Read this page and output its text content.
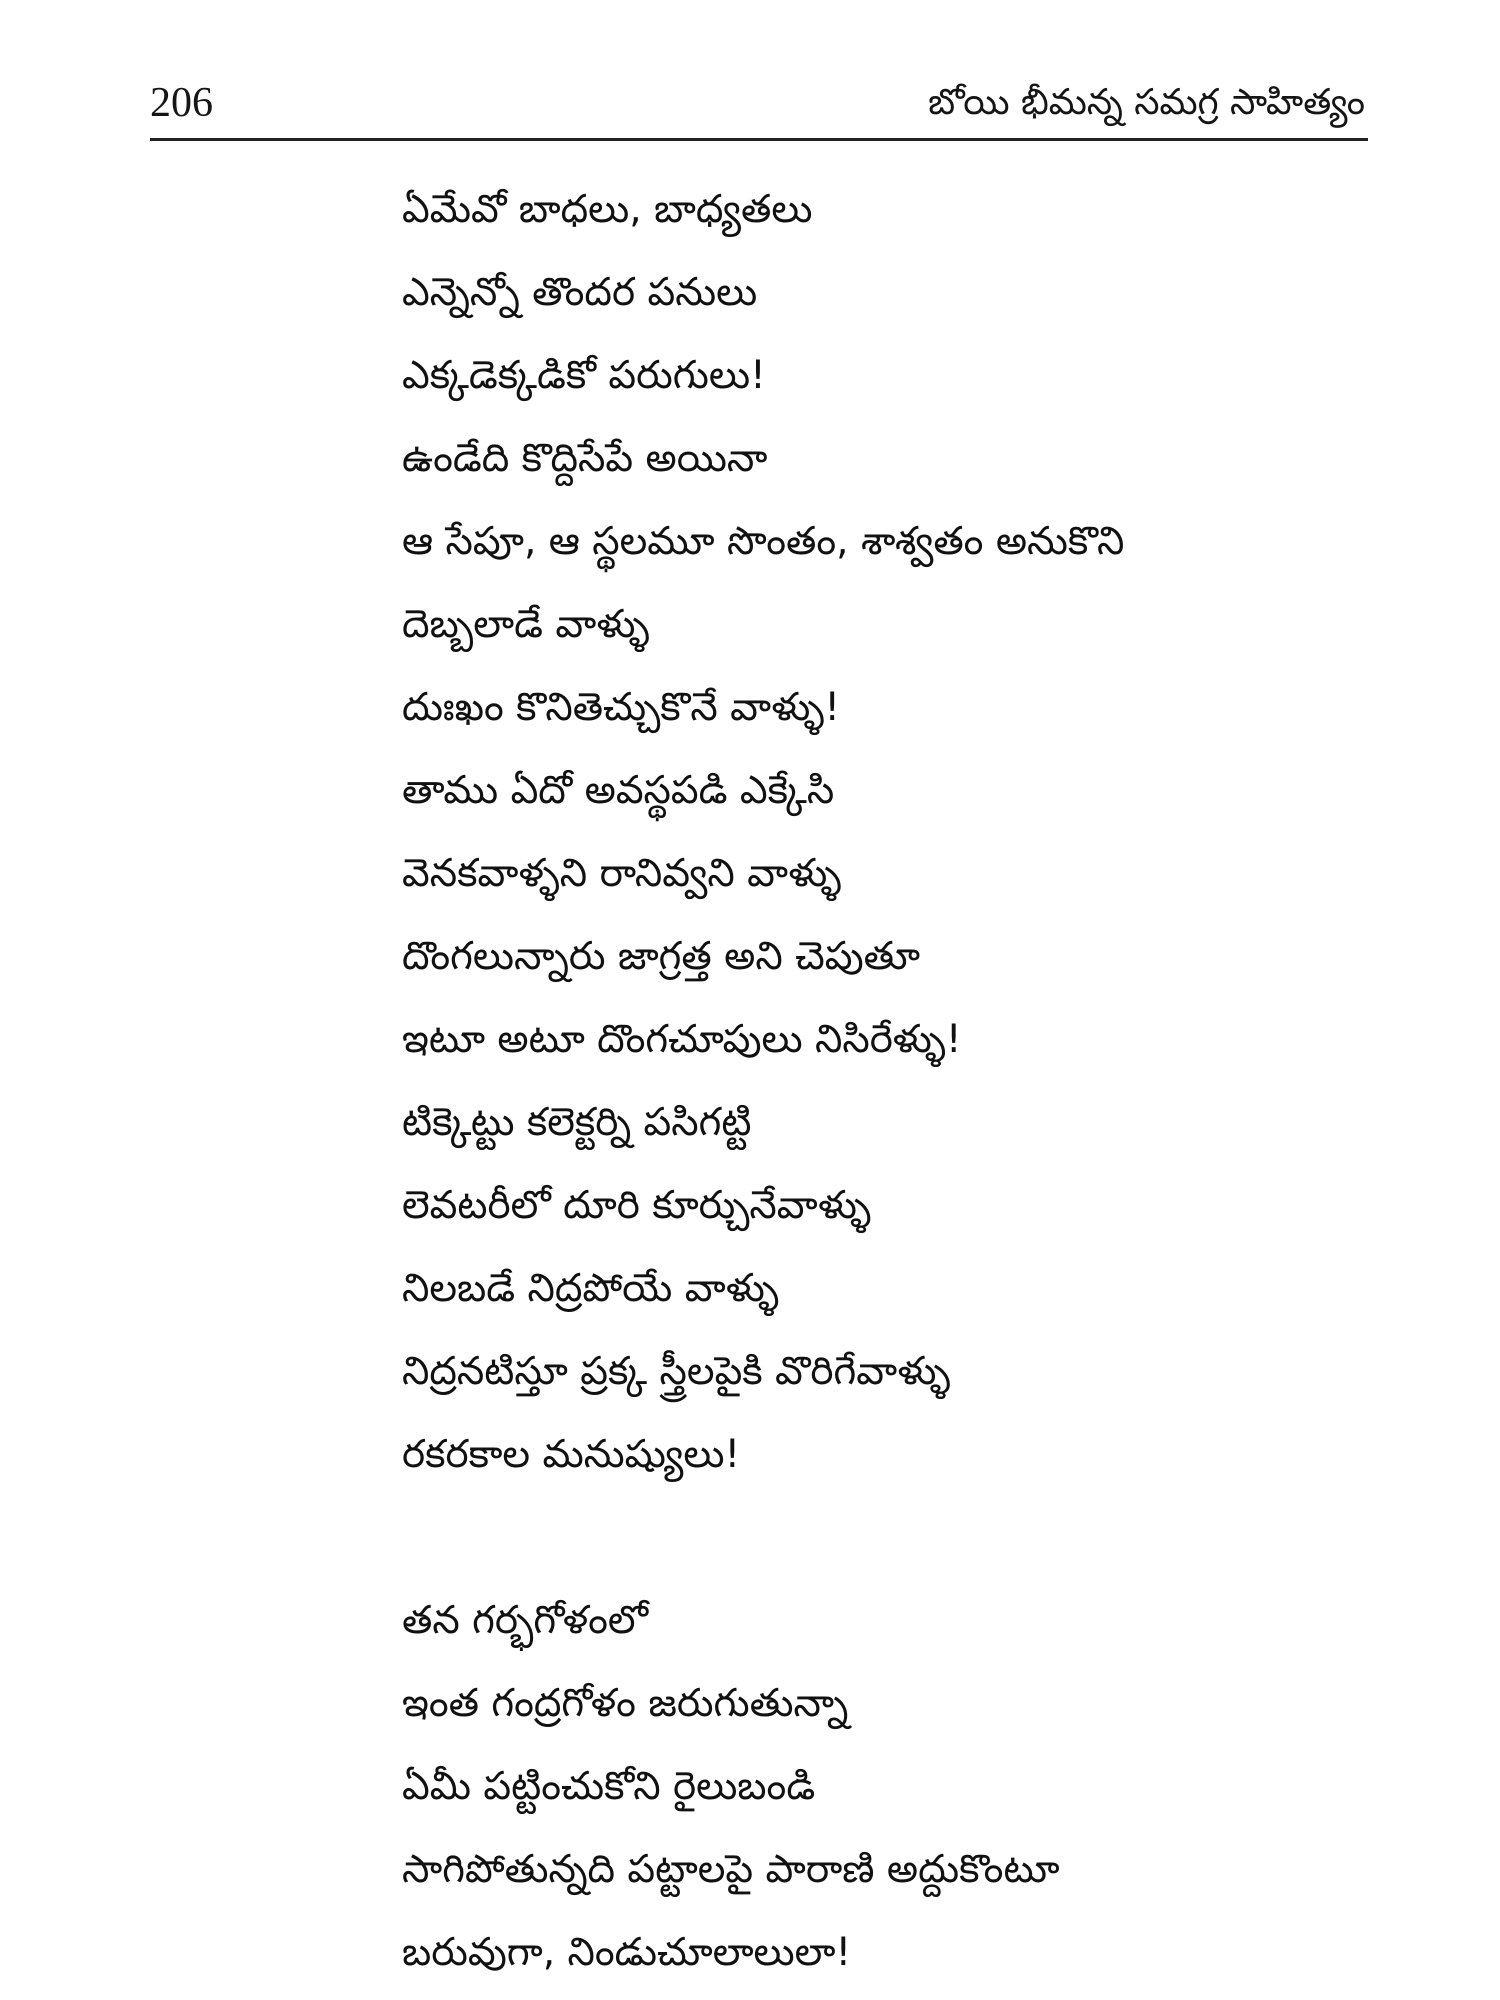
206	బోయి భీమన్న సమగ్ర సాహిత్యం
ఏమేవో బాధలు, బాధ్యతలు
ఎన్నెన్నో తొందర పనులు
ఎక్కడెక్కడికో పరుగులు!
ఉండేది కొద్దిసేపే అయినా
ఆ సేపూ, ఆ స్థలమూ సొంతం, శాశ్వతం అనుకొని
దెబ్బలాడే వాళ్ళు
దుఃఖం కొనితెచ్చుకొనే వాళ్ళు!
తాము ఏదో అవస్థపడి ఎక్కేసి
వెనకవాళ్ళని రానివ్వని వాళ్ళు
దొంగలున్నారు జాగ్రత్త అని చెపుతూ
ఇటూ అటూ దొంగచూపులు నిసిరేళ్ళు!
టిక్కెట్టు కలెక్టర్ని పసిగట్టి
లెవటరీలో దూరి కూర్చునేవాళ్ళు
నిలబడే నిద్రపోయే వాళ్ళు
నిద్రనటిస్తూ ప్రక్క స్త్రీలపైకి వొరిగేవాళ్ళు
రకరకాల మనుష్యులు!
తన గర్భగోళంలో
ఇంత గంద్రగోళం జరుగుతున్నా
ఏమీ పట్టించుకోని రైలుబండి
సాగిపోతున్నది పట్టాలపై పారాణి అద్దుకొంటూ
బరువుగా, నిండుచూలాలులా!
